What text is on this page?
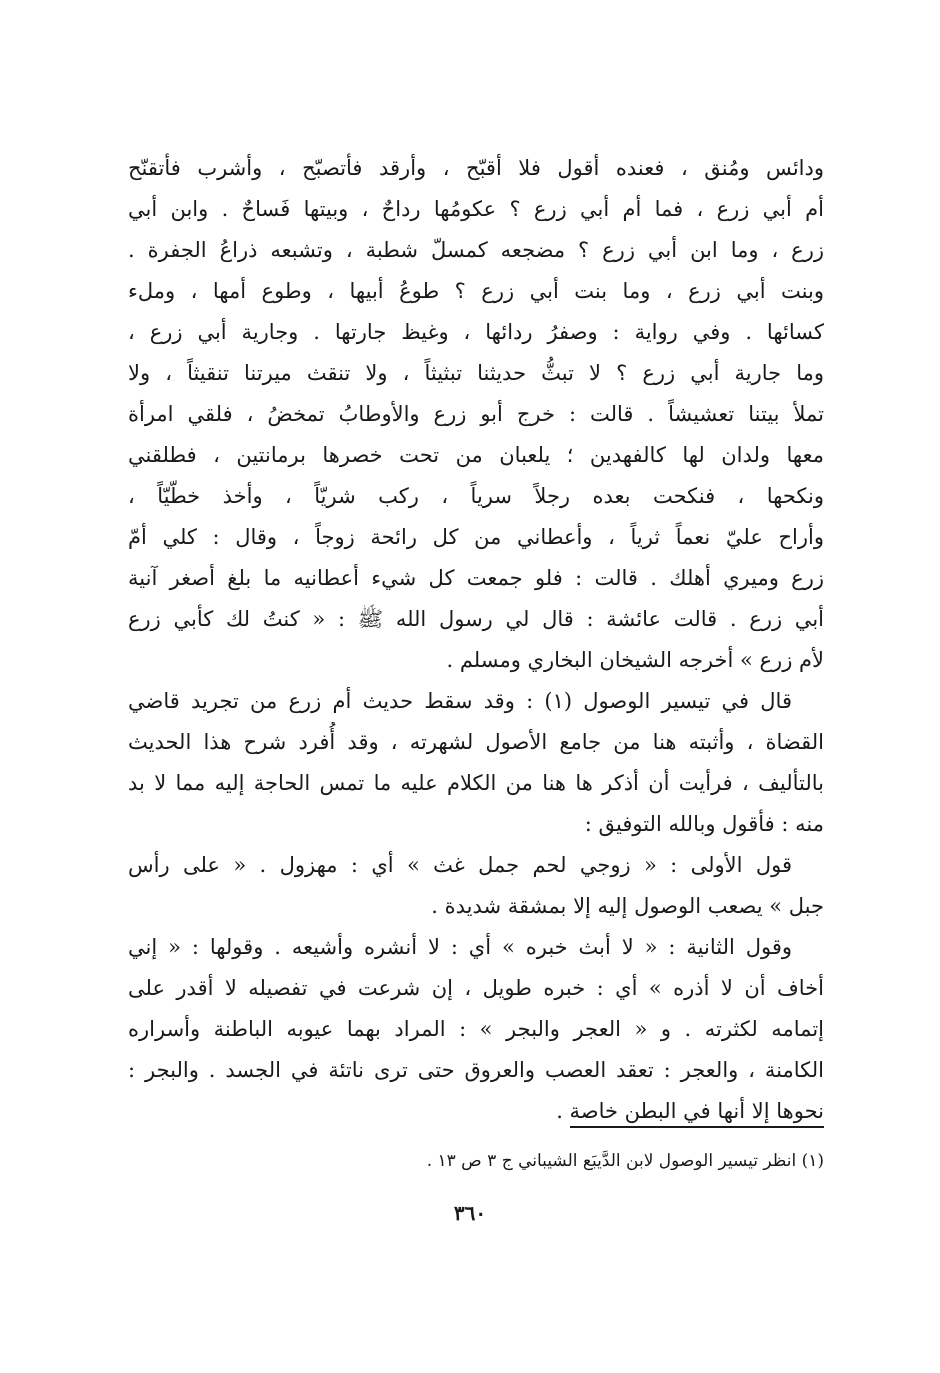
ودائس ومُنق ، فعنده أقول فلا أقبّح ، وأرقد فأتصبّح ، وأشرب فأتقنّح
أم أبي زرع ، فما أم أبي زرع ؟ عكومُها رداحٌ ، وبيتها فَساحٌ . وابن أبي
زرع ، وما ابن أبي زرع ؟ مضجعه كمسلّ شطبة ، وتشبعه ذراعُ الجفرة .
وبنت أبي زرع ، وما بنت أبي زرع ؟ طوعُ أبيها ، وطوع أمها ، وملء
كسائها . وفي رواية : وصفرُ ردائها ، وغيظ جارتها . وجارية أبي زرع ،
وما جارية أبي زرع ؟ لا تبثُّ حديثنا تبثيثاً ، ولا تنقث ميرتنا تنقيثاً ، ولا
تملأ بيتنا تعشيشاً . قالت : خرج أبو زرع والأوطابُ تمخضُ ، فلقي امرأة
معها ولدان لها كالفهدين ؛ يلعبان من تحت خصرها برمانتين ، فطلقني
ونكحها ، فنكحت بعده رجلاً سرياً ، ركب شريّاً ، وأخذ خطّيّاً ،
وأراح عليّ نعماً ثرياً ، وأعطاني من كل رائحة زوجاً ، وقال : كلي أمّ
زرع وميري أهلك . قالت : فلو جمعت كل شيء أعطانيه ما بلغ أصغر آنية
أبي زرع . قالت عائشة : قال لي رسول الله ﷺ : « كنتُ لك كأبي زرع
لأم زرع » أخرجه الشيخان البخاري ومسلم .
قال في تيسير الوصول (١) : وقد سقط حديث أم زرع من تجريد قاضي
القضاة ، وأثبته هنا من جامع الأصول لشهرته ، وقد أُفرد شرح هذا الحديث
بالتأليف ، فرأيت أن أذكر ها هنا من الكلام عليه ما تمس الحاجة إليه مما لا بد
منه : فأقول وبالله التوفيق :
قول الأولى : « زوجي لحم جمل غث » أي : مهزول . « على رأس
جبل » يصعب الوصول إليه إلا بمشقة شديدة .
وقول الثانية : « لا أبث خبره » أي : لا أنشره وأشيعه . وقولها : « إني
أخاف أن لا أذره » أي : خبره طويل ، إن شرعت في تفصيله لا أقدر على
إتمامه لكثرته . و « العجر والبجر » : المراد بهما عيوبه الباطنة وأسراره
الكامنة ، والعجر : تعقد العصب والعروق حتى ترى ناتئة في الجسد . والبجر :
نحوها إلا أنها في البطن خاصة .
(١) انظر تيسير الوصول لابن الدَّيبَع الشيباني ج ٣ ص ١٣ .
٣٦٠
